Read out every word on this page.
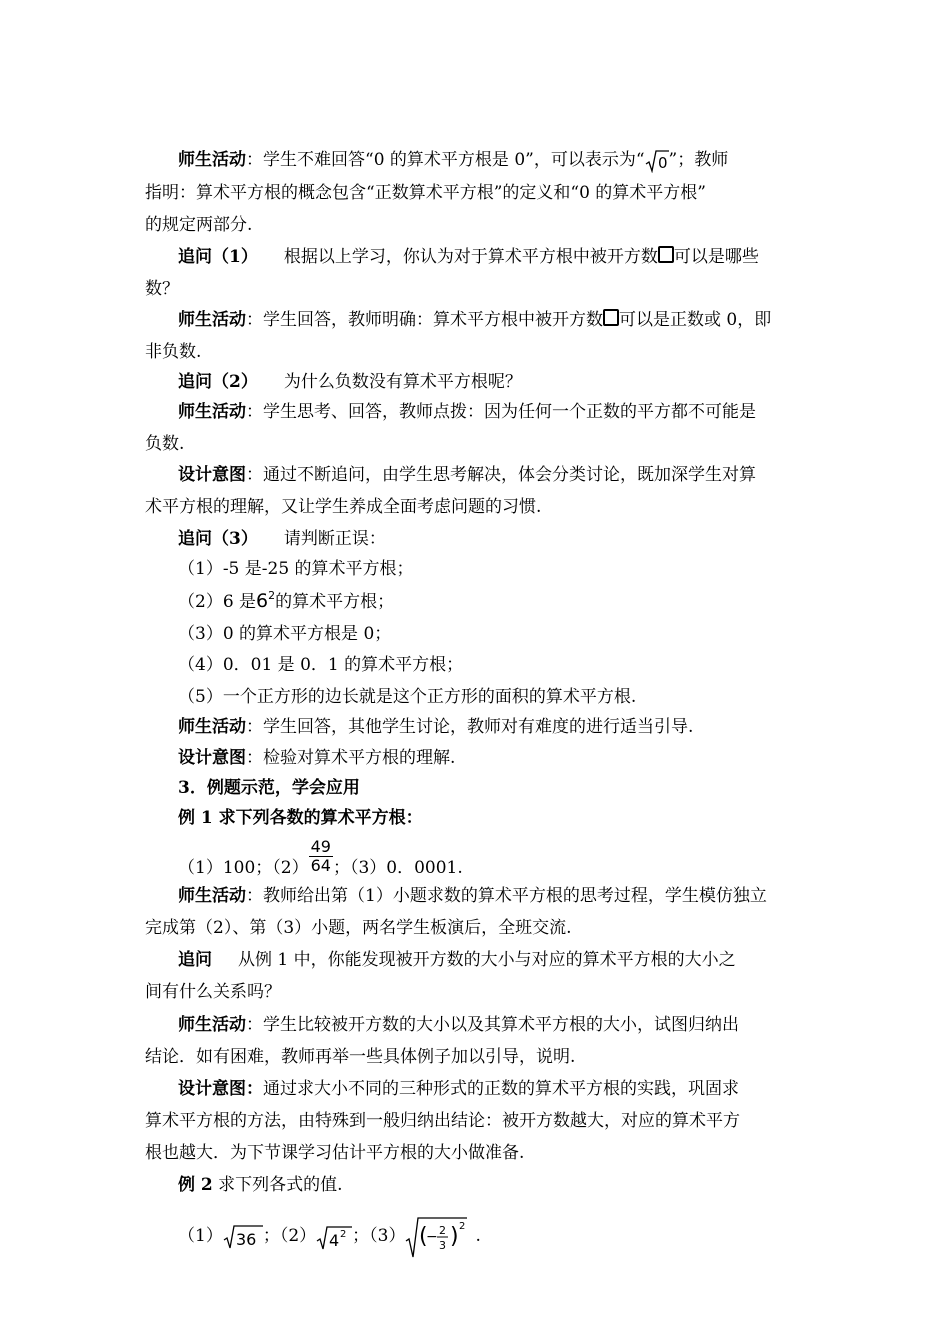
师生活动：学生不难回答“0 的算术平方根是 0”，可以表示为“ 0 ”；教师
指明：算术平方根的概念包含“正数算术平方根”的定义和“0 的算术平方根”
的规定两部分.
追问（1） 根据以上学习，你认为对于算术平方根中被开方数 可以是哪些
数？
师生活动：学生回答，教师明确：算术平方根中被开方数 可以是正数或 0，即
非负数.
追问（2） 为什么负数没有算术平方根呢？
师生活动：学生思考、回答，教师点拨：因为任何一个正数的平方都不可能是
负数.
设计意图：通过不断追问，由学生思考解决，体会分类讨论，既加深学生对算
术平方根的理解，又让学生养成全面考虑问题的习惯.
追问（3） 请判断正误：
（1）-5 是-25 的算术平方根；
（2）6 是$6^2$的算术平方根；
（3）0 的算术平方根是 0；
（4）0．01 是 0．1 的算术平方根；
（5）一个正方形的边长就是这个正方形的面积的算术平方根.
师生活动：学生回答，其他学生讨论，教师对有难度的进行适当引导.
设计意图：检验对算术平方根的理解.
3．例题示范，学会应用
例 1 求下列各数的算术平方根：
（1）100；$(2) \frac{49}{64}$ ；（3）0．0001.
师生活动：教师给出第（1）小题求数的算术平方根的思考过程，学生模仿独立
完成第（2）、第（3）小题，两名学生板演后，全班交流.
追问 从例 1 中，你能发现被开方数的大小与对应的算术平方根的大小之
间有什么关系吗？
师生活动：学生比较被开方数的大小以及其算术平方根的大小，试图归纳出
结论．如有困难，教师再举一些具体例子加以引导，说明.
设计意图：通过求大小不同的三种形式的正数的算术平方根的实践，巩固求
算术平方根的方法，由特殊到一般归纳出结论：被开方数越大，对应的算术平方
根也越大．为下节课学习估计平方根的大小做准备.
例 2 求下列各式的值.
（1） 36 ；（2） 4 2 ；（3） (
− 2
3 ) 2 .
